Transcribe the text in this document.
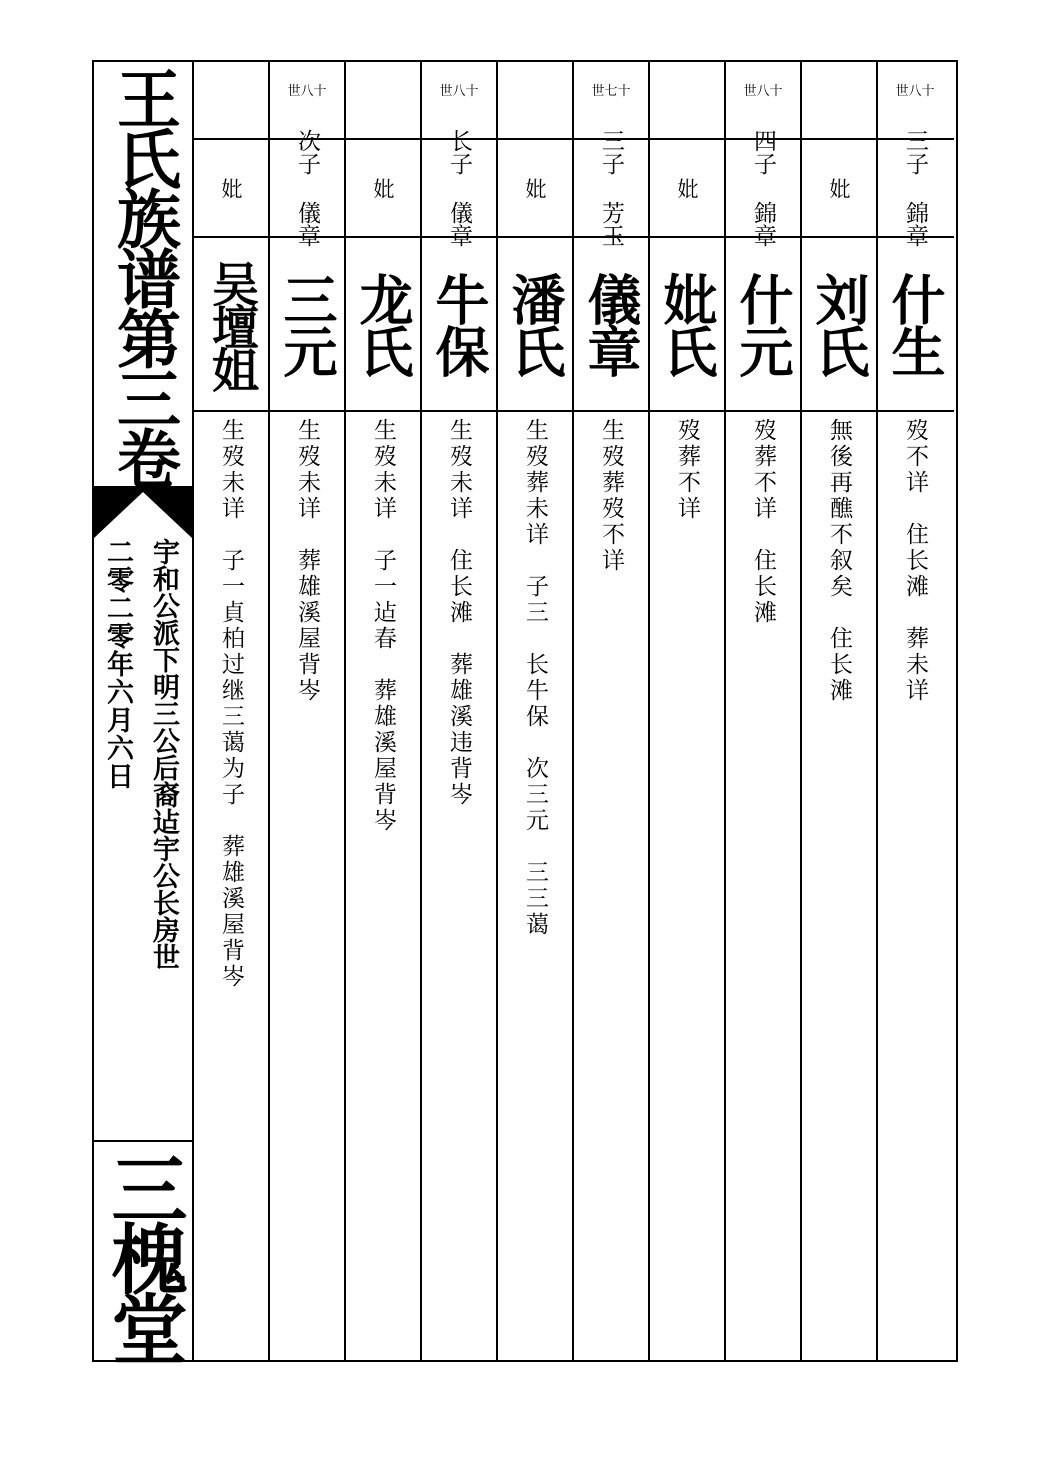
王氏族谱第三卷
宇和公派下明三公后裔迠宇公长房世
二零二零年六月六日
三槐堂
妣
吴壇姐
生歿未详　子一貞柏过继三蔼为子　葬雄溪屋背岑
世八十
次子 儀章
三元
生歿未详　葬雄溪屋背岑
妣
龙氏
生歿未详　子一迠春　葬雄溪屋背岑
世八十
长子 儀章
牛保
生歿未详　住长滩　葬雄溪违背岑
妣
潘氏
生歿葬未详　子三　长牛保　次三元　三三蔼
世七十
三子 芳玉
儀章
生歿葬歿不详
妣
妣氏
歿葬不详
世八十
四子 錦章
什元
歿葬不详　住长滩
妣
刘氏
無後再醮不叙矣　住长滩
世八十
三子 錦章
什生
歿不详　住长滩　葬未详
